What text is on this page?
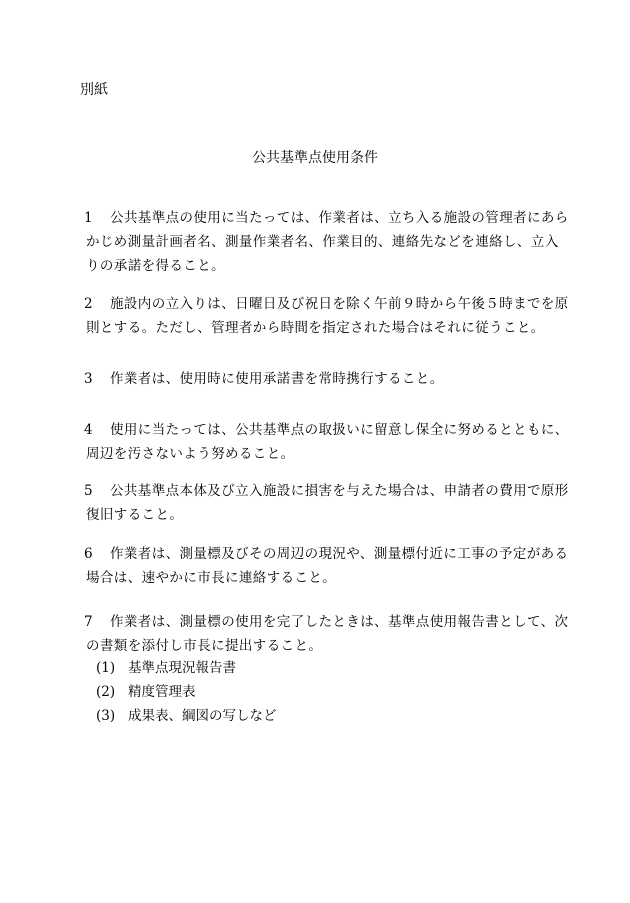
別紙
公共基準点使用条件
1 公共基準点の使用に当たっては、作業者は、立ち入る施設の管理者にあら
かじめ測量計画者名、測量作業者名、作業目的、連絡先などを連絡し、立入
りの承諾を得ること。
2 施設内の立入りは、日曜日及び祝日を除く午前９時から午後５時までを原
則とする。ただし、管理者から時間を指定された場合はそれに従うこと。
3 作業者は、使用時に使用承諾書を常時携行すること。
4 使用に当たっては、公共基準点の取扱いに留意し保全に努めるとともに、
周辺を汚さないよう努めること。
5 公共基準点本体及び立入施設に損害を与えた場合は、申請者の費用で原形
復旧すること。
6 作業者は、測量標及びその周辺の現況や、測量標付近に工事の予定がある
場合は、速やかに市長に連絡すること。
7 作業者は、測量標の使用を完了したときは、基準点使用報告書として、次
の書類を添付し市長に提出すること。
(1) 基準点現況報告書
(2) 精度管理表
(3) 成果表、綱図の写しなど
